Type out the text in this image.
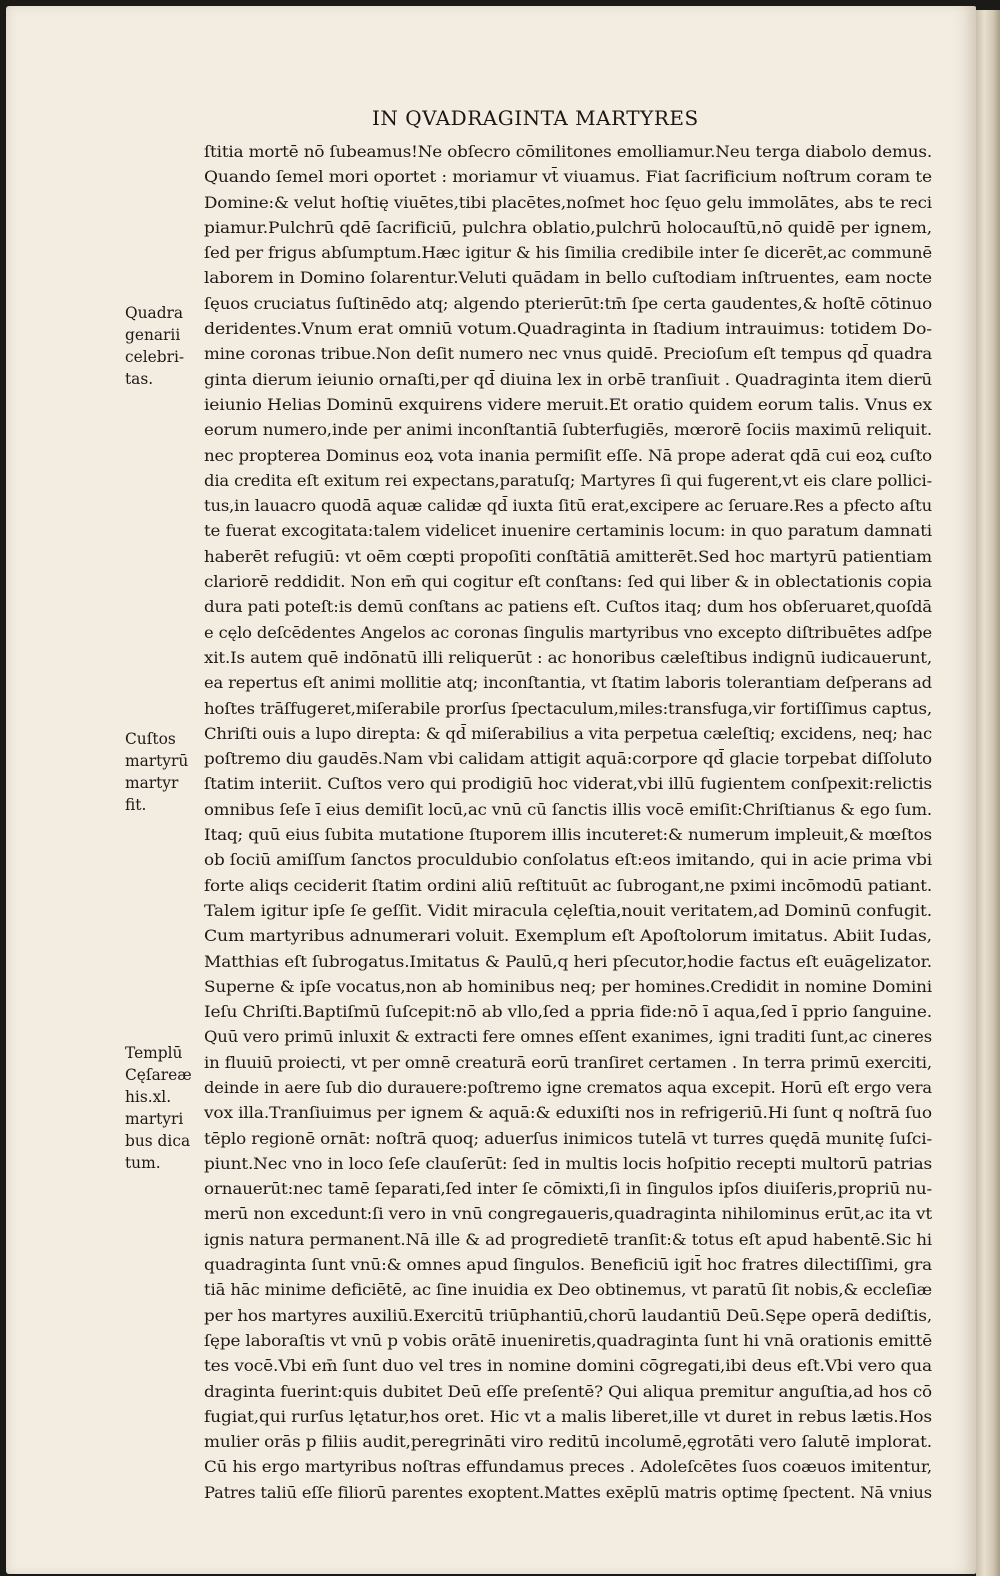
IN QVADRAGINTA MARTYRES
ſtitia mortē nō ſubeamus!Ne obſecro cōmilitones emolliamur.Neu terga diabolo demus.
Quando ſemel mori oportet : moriamur vt̄ viuamus. Fiat ſacrificium noſtrum coram te
Domine:& velut hoſtię viuētes,tibi placētes,noſmet hoc ſęuo gelu immolātes, abs te reci
piamur.Pulchrū qdē ſacrificiū, pulchra oblatio,pulchrū holocauſtū,nō quidē per ignem,
ſed per frigus abſumptum.Hæc igitur & his ſimilia credibile inter ſe dicerēt,ac communē
laborem in Domino ſolarentur.Veluti quādam in bello cuſtodiam inſtruentes, eam nocte
ſęuos cruciatus ſuſtinēdo atq; algendo pterierūt:tm̄ ſpe certa gaudentes,& hoſtē cōtinuo
deridentes.Vnum erat omniū votum.Quadraginta in ſtadium intrauimus: totidem Do-
mine coronas tribue.Non deſit numero nec vnus quidē. Precioſum eſt tempus qd̄ quadra
ginta dierum ieiunio ornaſti,per qd̄ diuina lex in orbē tranſiuit . Quadraginta item dierū
ieiunio Helias Dominū exquirens videre meruit.Et oratio quidem eorum talis. Vnus ex
eorum numero,inde per animi inconſtantiā ſubterfugiēs, mœrorē ſociis maximū reliquit.
nec propterea Dominus eoꝝ vota inania permiſit eſſe. Nā prope aderat qdā cui eoꝝ cuſto
dia credita eſt exitum rei expectans,paratuſq; Martyres ſi qui fugerent,vt eis clare pollici-
tus,in lauacro quodā aquæ calidæ qd̄ iuxta ſitū erat,excipere ac ſeruare.Res a pfecto aſtu
te fuerat excogitata:talem videlicet inuenire certaminis locum: in quo paratum damnati
haberēt refugiū: vt oēm cœpti propoſiti conſtātiā amitterēt.Sed hoc martyrū patientiam
clariorē reddidit. Non em̄ qui cogitur eſt conſtans: ſed qui liber & in oblectationis copia
dura pati poteſt:is demū conſtans ac patiens eſt. Cuſtos itaq; dum hos obſeruaret,quoſdā
e cęlo deſcēdentes Angelos ac coronas ſingulis martyribus vno excepto diſtribuētes adſpe
xit.Is autem quē indōnatū illi reliquerūt : ac honoribus cæleſtibus indignū iudicauerunt,
ea repertus eſt animi mollitie atq; inconſtantia, vt ſtatim laboris tolerantiam deſperans ad
hoſtes trāſfugeret,miſerabile prorſus ſpectaculum,miles:transfuga,vir fortiſſimus captus,
Chriſti ouis a lupo direpta: & qd̄ miſerabilius a vita perpetua cæleſtiq; excidens, neq; hac
poſtremo diu gaudēs.Nam vbi calidam attigit aquā:corpore qd̄ glacie torpebat diſſoluto
ſtatim interiit. Cuſtos vero qui prodigiū hoc viderat,vbi illū fugientem conſpexit:relictis
omnibus ſeſe ī eius demiſit locū,ac vnū cū ſanctis illis vocē emiſit:Chriſtianus & ego ſum.
Itaq; quū eius ſubita mutatione ſtuporem illis incuteret:& numerum impleuit,& mœſtos
ob ſociū amiſſum ſanctos proculdubio conſolatus eſt:eos imitando, qui in acie prima vbi
forte aliqs ceciderit ſtatim ordini aliū reſtituūt ac ſubrogant,ne pximi incōmodū patiant.
Talem igitur ipſe ſe geſſit. Vidit miracula cęleſtia,nouit veritatem,ad Dominū confugit.
Cum martyribus adnumerari voluit. Exemplum eſt Apoſtolorum imitatus. Abiit Iudas,
Matthias eſt ſubrogatus.Imitatus & Paulū,q heri pſecutor,hodie factus eſt euāgelizator.
Superne & ipſe vocatus,non ab hominibus neq; per homines.Credidit in nomine Domini
Ieſu Chriſti.Baptiſmū ſuſcepit:nō ab vllo,ſed a ppria fide:nō ī aqua,ſed ī pprio ſanguine.
Quū vero primū inluxit & extracti fere omnes eſſent exanimes, igni traditi ſunt,ac cineres
in fluuiū proiecti, vt per omnē creaturā eorū tranſiret certamen . In terra primū exerciti,
deinde in aere ſub dio durauere:poſtremo igne crematos aqua excepit. Horū eſt ergo vera
vox illa.Tranſiuimus per ignem & aquā:& eduxiſti nos in refrigeriū.Hi ſunt q noſtrā ſuo
tēplo regionē ornāt: noſtrā quoq; aduerſus inimicos tutelā vt turres quędā munitę ſuſci-
piunt.Nec vno in loco ſeſe clauſerūt: ſed in multis locis hoſpitio recepti multorū patrias
ornauerūt:nec tamē ſeparati,ſed inter ſe cōmixti,ſi in ſingulos ipſos diuiſeris,propriū nu-
merū non excedunt:ſi vero in vnū congregaueris,quadraginta nihilominus erūt,ac ita vt
ignis natura permanent.Nā ille & ad progredietē tranſit:& totus eſt apud habentē.Sic hi
quadraginta ſunt vnū:& omnes apud ſingulos. Beneficiū igit̄ hoc fratres dilectiſſimi, gra
tiā hāc minime deficiētē, ac ſine inuidia ex Deo obtinemus, vt paratū ſit nobis,& eccleſiæ
per hos martyres auxiliū.Exercitū triūphantiū,chorū laudantiū Deū.Sępe operā dediſtis,
ſępe laboraſtis vt vnū p vobis orātē inueniretis,quadraginta ſunt hi vnā orationis emittē
tes vocē.Vbi em̄ ſunt duo vel tres in nomine domini cōgregati,ibi deus eſt.Vbi vero qua
draginta fuerint:quis dubitet Deū eſſe preſentē? Qui aliqua premitur anguſtia,ad hos cō
fugiat,qui rurſus lętatur,hos oret. Hic vt a malis liberet,ille vt duret in rebus lætis.Hos
mulier orās p filiis audit,peregrināti viro reditū incolumē,ęgrotāti vero ſalutē implorat.
Cū his ergo martyribus noſtras effundamus preces . Adoleſcētes ſuos coæuos imitentur,
Patres taliū eſſe filiorū parentes exoptent.Mattes exēplū matris optimę ſpectent. Nā vnius
Quadra
genarii
celebri-
tas.
Cuſtos
martyrū
martyr
fit.
Templū
Cęſareæ
his.xl.
martyri
bus dica
tum.
